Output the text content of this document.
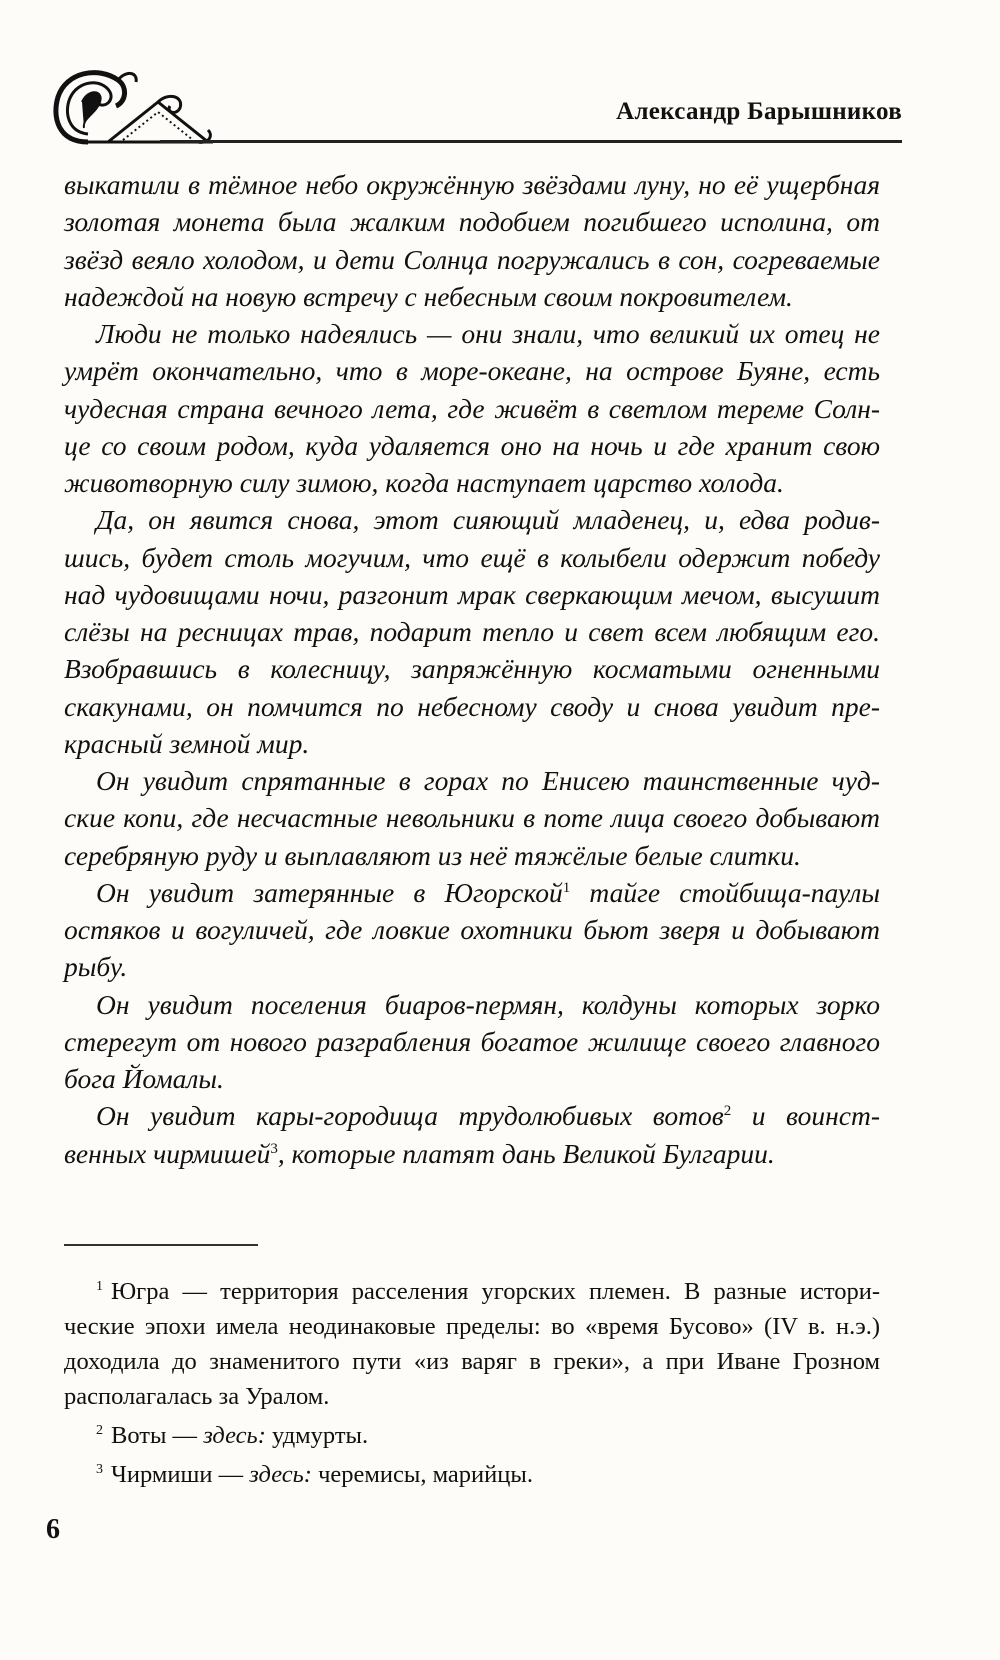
Александр Барышников
выкатили в тёмное небо окружённую звёздами луну, но её ущербная
золотая монета была жалким подобием погибшего исполина, от
звёзд веяло холодом, и дети Солнца погружались в сон, согреваемые
надеждой на новую встречу с небесным своим покровителем.
Люди не только надеялись — они знали, что великий их отец не
умрёт окончательно, что в море-океане, на острове Буяне, есть
чудесная страна вечного лета, где живёт в светлом тереме Солн-
це со своим родом, куда удаляется оно на ночь и где хранит свою
животворную силу зимою, когда наступает царство холода.
Да, он явится снова, этот сияющий младенец, и, едва родив-
шись, будет столь могучим, что ещё в колыбели одержит победу
над чудовищами ночи, разгонит мрак сверкающим мечом, высушит
слёзы на ресницах трав, подарит тепло и свет всем любящим его.
Взобравшись в колесницу, запряжённую косматыми огненными
скакунами, он помчится по небесному своду и снова увидит пре-
красный земной мир.
Он увидит спрятанные в горах по Енисею таинственные чуд-
ские копи, где несчастные невольники в поте лица своего добывают
серебряную руду и выплавляют из неё тяжёлые белые слитки.
Он увидит затерянные в Югорской$^1$ тайге стойбища-паулы
остяков и вогуличей, где ловкие охотники бьют зверя и добывают
рыбу.
Он увидит поселения биаров-пермян, колдуны которых зорко
стерегут от нового разграбления богатое жилище своего главного
бога Йомалы.
Он увидит кары-городища трудолюбивых вотов$^2$ и воинст-
венных чирмишей$^3$, которые платят дань Великой Булгарии.
$^1$ Югра — территория расселения угорских племен. В разные истори-
ческие эпохи имела неодинаковые пределы: во «время Бусово» (IV в. н.э.)
доходила до знаменитого пути «из варяг в греки», а при Иване Грозном
располагалась за Уралом.
$^2$ Воты — здесь: удмурты.
$^3$ Чирмиши — здесь: черемисы, марийцы.
6
